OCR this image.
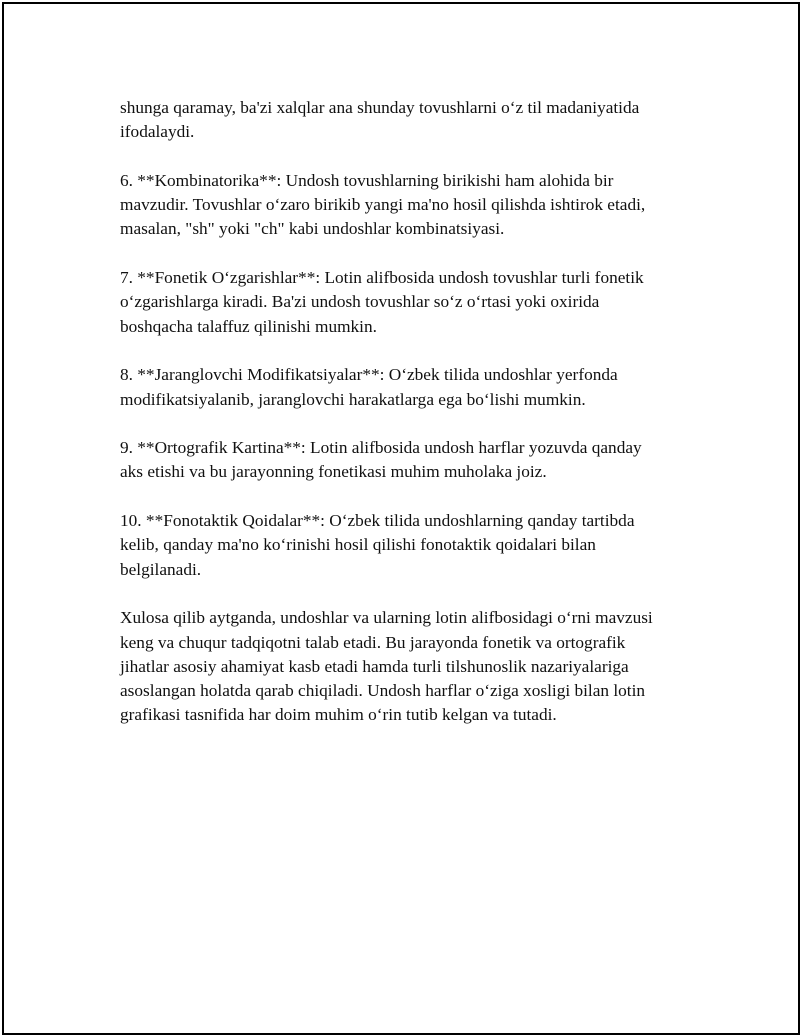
shunga qaramay, ba'zi xalqlar ana shunday tovushlarni o‘z til madaniyatida
ifodalaydi.

6. **Kombinatorika**: Undosh tovushlarning birikishi ham alohida bir
mavzudir. Tovushlar o‘zaro birikib yangi ma'no hosil qilishda ishtirok etadi,
masalan, "sh" yoki "ch" kabi undoshlar kombinatsiyasi.

7. **Fonetik O‘zgarishlar**: Lotin alifbosida undosh tovushlar turli fonetik
o‘zgarishlarga kiradi. Ba'zi undosh tovushlar so‘z o‘rtasi yoki oxirida
boshqacha talaffuz qilinishi mumkin.

8. **Jaranglovchi Modifikatsiyalar**: O‘zbek tilida undoshlar yerfonda
modifikatsiyalanib, jaranglovchi harakatlarga ega bo‘lishi mumkin.

9. **Ortografik Kartina**: Lotin alifbosida undosh harflar yozuvda qanday
aks etishi va bu jarayonning fonetikasi muhim muholaka joiz.

10. **Fonotaktik Qoidalar**: O‘zbek tilida undoshlarning qanday tartibda
kelib, qanday ma'no ko‘rinishi hosil qilishi fonotaktik qoidalari bilan
belgilanadi.

Xulosa qilib aytganda, undoshlar va ularning lotin alifbosidagi o‘rni mavzusi
keng va chuqur tadqiqotni talab etadi. Bu jarayonda fonetik va ortografik
jihatlar asosiy ahamiyat kasb etadi hamda turli tilshunoslik nazariyalariga
asoslangan holatda qarab chiqiladi. Undosh harflar o‘ziga xosligi bilan lotin
grafikasi tasnifida har doim muhim o‘rin tutib kelgan va tutadi.
